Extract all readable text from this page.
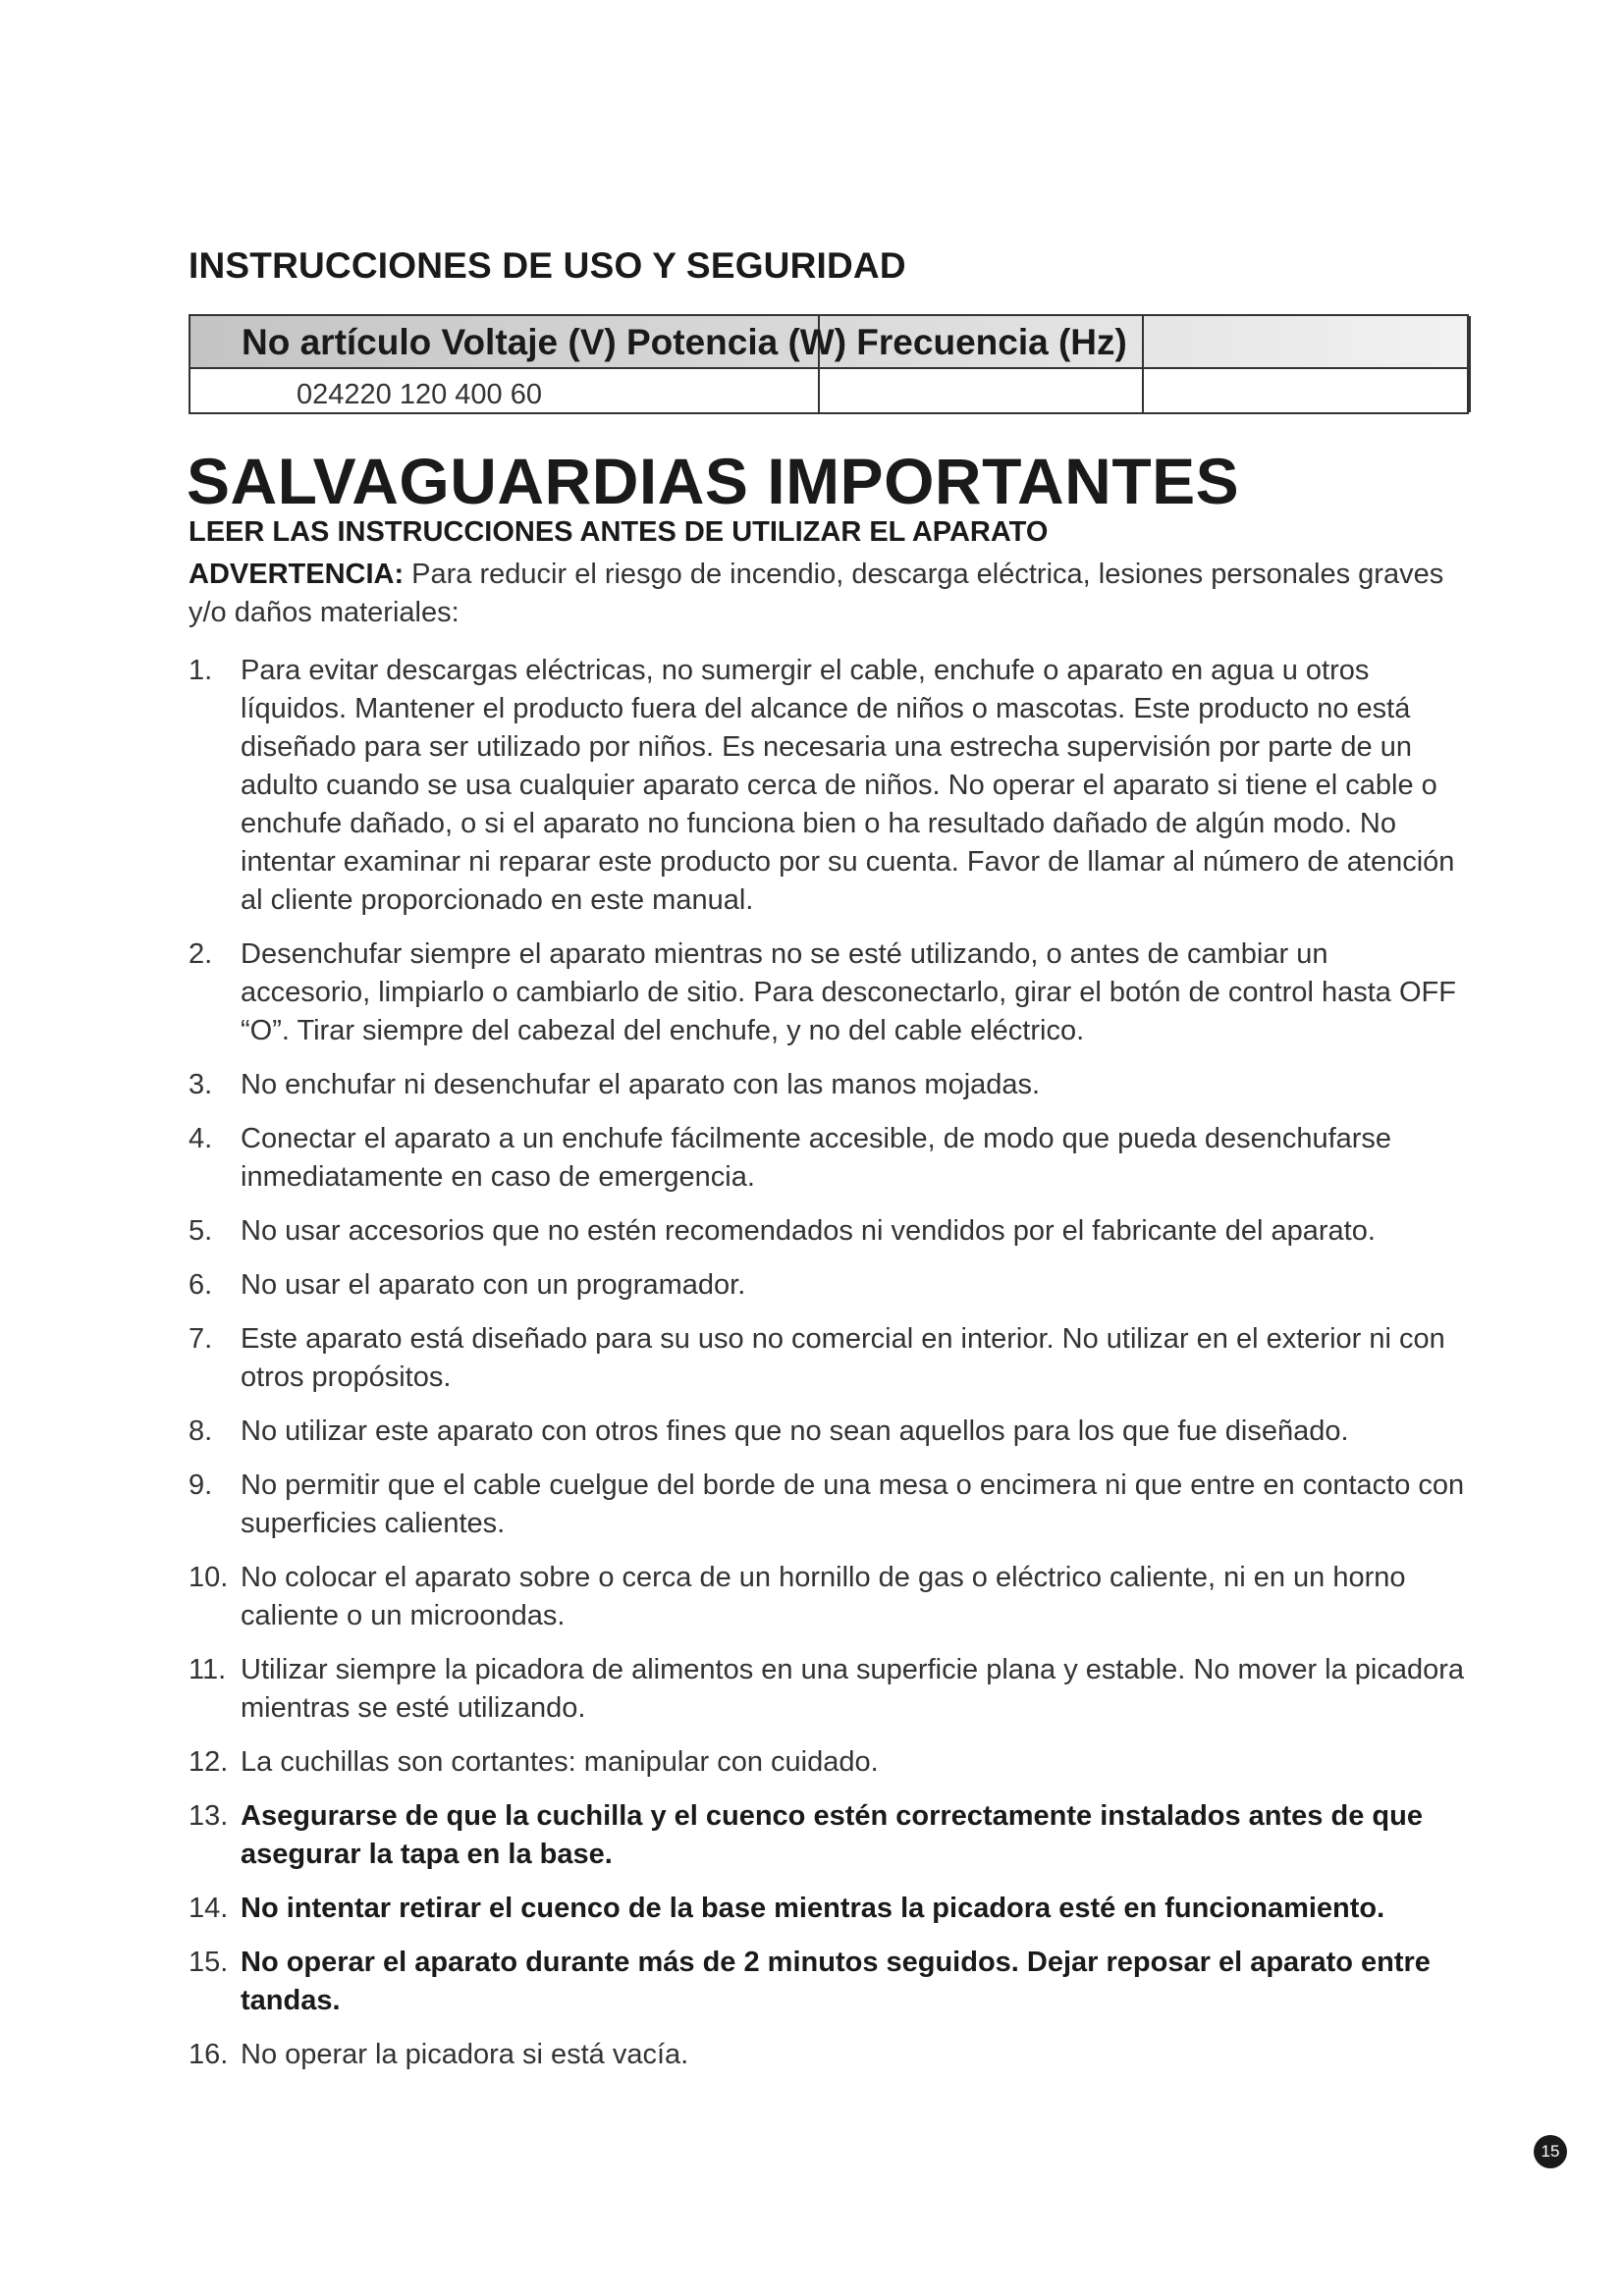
INSTRUCCIONES DE USO Y SEGURIDAD
No artículo Voltaje (V) Potencia (W) Frecuencia (Hz)
024220 120 400 60
SALVAGUARDIAS IMPORTANTES
LEER LAS INSTRUCCIONES ANTES DE UTILIZAR EL APARATO
ADVERTENCIA: Para reducir el riesgo de incendio, descarga eléctrica, lesiones personales graves y/o daños materiales:
1. Para evitar descargas eléctricas, no sumergir el cable, enchufe o aparato en agua u otros líquidos. Mantener el producto fuera del alcance de niños o mascotas. Este producto no está diseñado para ser utilizado por niños. Es necesaria una estrecha supervisión por parte de un adulto cuando se usa cualquier aparato cerca de niños. No operar el aparato si tiene el cable o enchufe dañado, o si el aparato no funciona bien o ha resultado dañado de algún modo. No intentar examinar ni reparar este producto por su cuenta. Favor de llamar al número de atención al cliente proporcionado en este manual.
2. Desenchufar siempre el aparato mientras no se esté utilizando, o antes de cambiar un accesorio, limpiarlo o cambiarlo de sitio. Para desconectarlo, girar el botón de control hasta OFF “O”. Tirar siempre del cabezal del enchufe, y no del cable eléctrico.
3. No enchufar ni desenchufar el aparato con las manos mojadas.
4. Conectar el aparato a un enchufe fácilmente accesible, de modo que pueda desenchufarse inmediatamente en caso de emergencia.
5. No usar accesorios que no estén recomendados ni vendidos por el fabricante del aparato.
6. No usar el aparato con un programador.
7. Este aparato está diseñado para su uso no comercial en interior. No utilizar en el exterior ni con otros propósitos.
8. No utilizar este aparato con otros fines que no sean aquellos para los que fue diseñado.
9. No permitir que el cable cuelgue del borde de una mesa o encimera ni que entre en contacto con superficies calientes.
10. No colocar el aparato sobre o cerca de un hornillo de gas o eléctrico caliente, ni en un horno caliente o un microondas.
11. Utilizar siempre la picadora de alimentos en una superficie plana y estable. No mover la picadora mientras se esté utilizando.
12. La cuchillas son cortantes: manipular con cuidado.
13. Asegurarse de que la cuchilla y el cuenco estén correctamente instalados antes de que asegurar la tapa en la base.
14. No intentar retirar el cuenco de la base mientras la picadora esté en funcionamiento.
15. No operar el aparato durante más de 2 minutos seguidos. Dejar reposar el aparato entre tandas.
16. No operar la picadora si está vacía.
15
